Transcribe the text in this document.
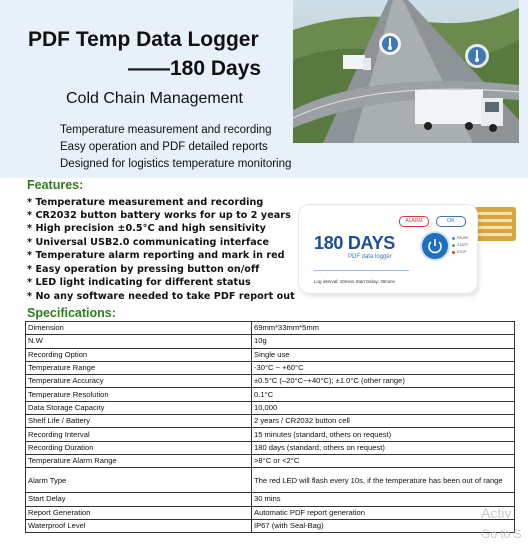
PDF Temp Data Logger
——180 Days
Cold Chain Management
Temperature measurement and recording
Easy operation and PDF detailed reports
Designed for logistics temperature monitoring
Features:
* Temperature measurement and recording
* CR2032 button battery works for up to 2 years
* High precision ±0.5°C and high sensitivity
* Universal USB2.0 communicating interface
* Temperature alarm reporting and mark in red
* Easy operation by pressing button on/off
* LED light indicating for different status
* No any software needed to take PDF report out
ALARM	OK
180 DAYS
PDF data logger
Log interval: 10mins Start Delay: 30mins
PAUSE
START
STOP
Specifications:
Dimension	69mm*33mm*5mm
N.W	10g
Recording Option	Single use
Temperature Range	-30°C ~ +60°C
Temperature Accuracy	±0.5°C (–20°C~+40°C); ±1.0°C (other range)
Temperature Resolution	0.1°C
Data Storage Capacity	10,000
Shelf Life / Battery	2 years / CR2032 button cell
Recording Interval	15 minutes (standard, others on request)
Recording Duration	180 days (standard, others on request)
Temperature Alarm Range	>8°C or <2°C
Alarm Type	The red LED will flash every 10s, if the temperature has been out of range
Start Delay	30 mins
Report Generation	Automatic PDF report generation
Waterproof Level	IP67 (with Seal-Bag)
Activ
Go to S
